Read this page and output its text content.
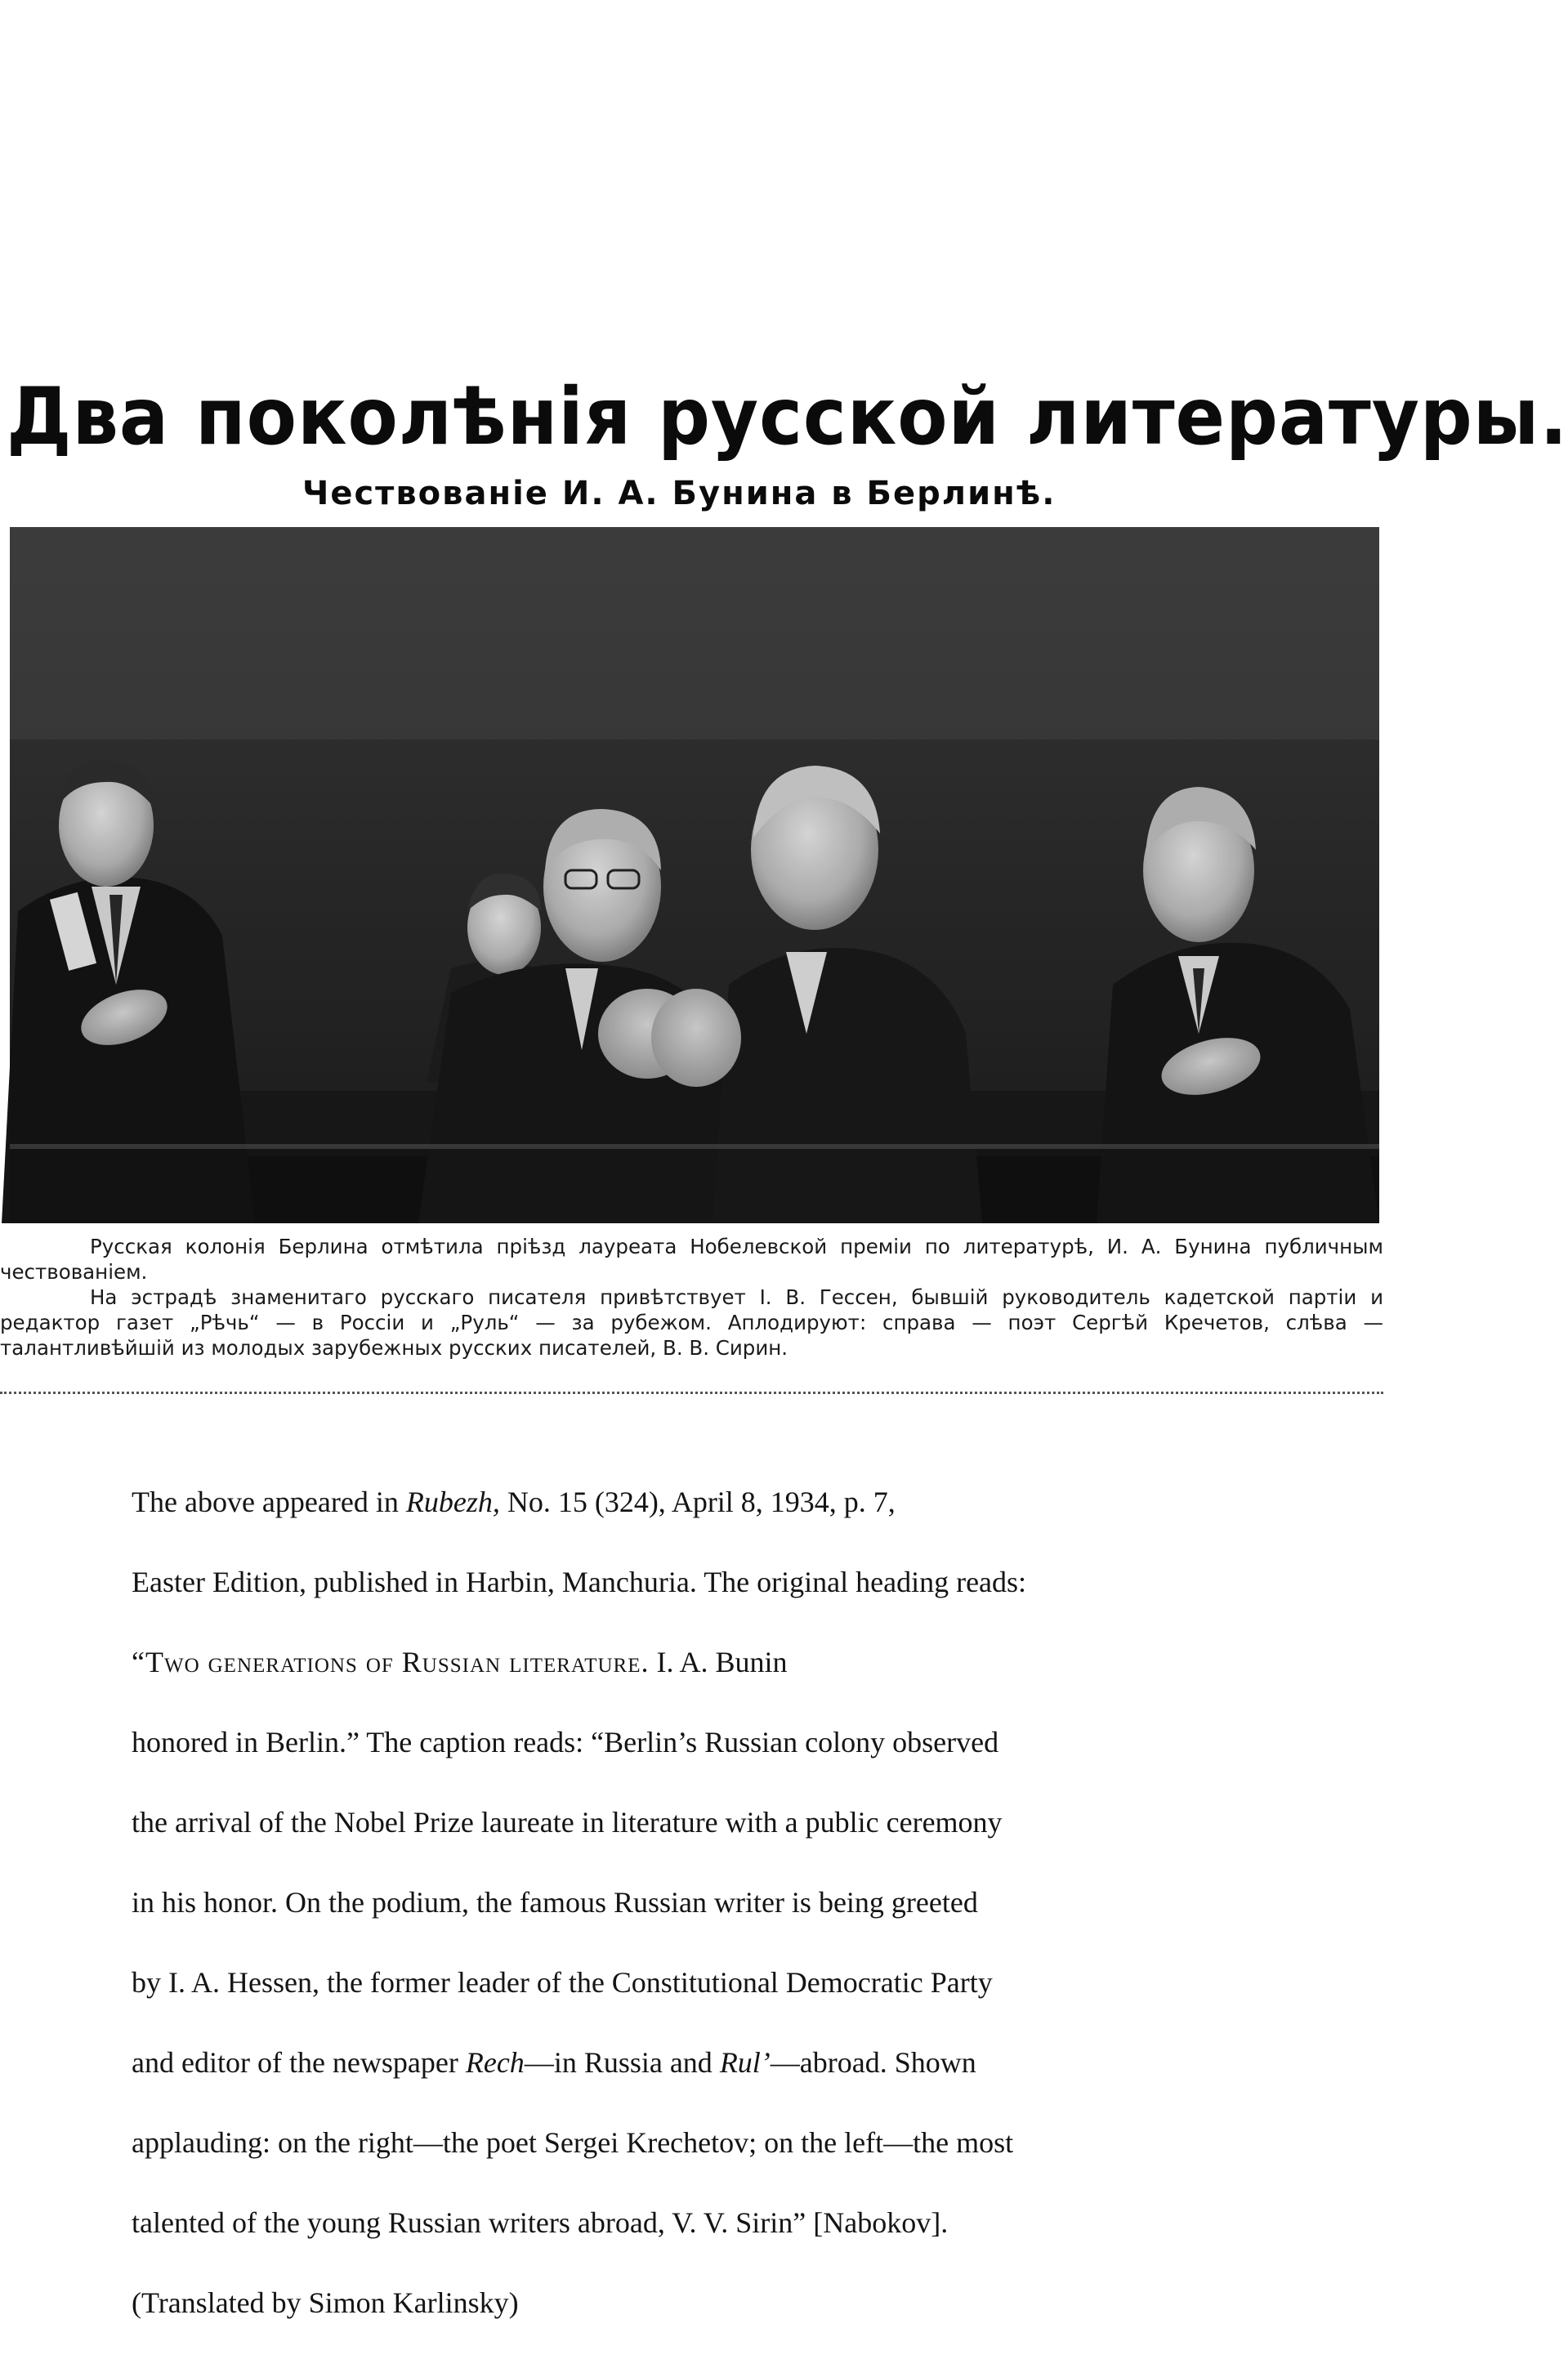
Два поколѣнія русской литературы.
Чествованіе И. А. Бунина в Берлинѣ.

Русская колонія Берлина отмѣтила пріѣзд лауреата Нобелевской преміи по литературѣ, И. А. Бунина публичным чествованіем.

На эстрадѣ знаменитаго русскаго писателя привѣтствует І. В. Гессен, бывшій руководитель кадетской партіи и редактор газет „Рѣчь“ — в Россіи и „Руль“ — за рубежом. Аплодируют: справа — поэт Сергѣй Кречетов, слѣва — талантливѣйшій из молодых зарубежных русских писателей, В. В. Сирин.

The above appeared in Rubezh, No. 15 (324), April 8, 1934, p. 7,

Easter Edition, published in Harbin, Manchuria. The original heading reads:

“Two generations of Russian literature. I. A. Bunin

honored in Berlin.” The caption reads: “Berlin’s Russian colony observed

the arrival of the Nobel Prize laureate in literature with a public ceremony

in his honor. On the podium, the famous Russian writer is being greeted

by I. A. Hessen, the former leader of the Constitutional Democratic Party

and editor of the newspaper Rech—in Russia and Rul’—abroad. Shown

applauding: on the right—the poet Sergei Krechetov; on the left—the most

talented of the young Russian writers abroad, V. V. Sirin” [Nabokov].

(Translated by Simon Karlinsky)
